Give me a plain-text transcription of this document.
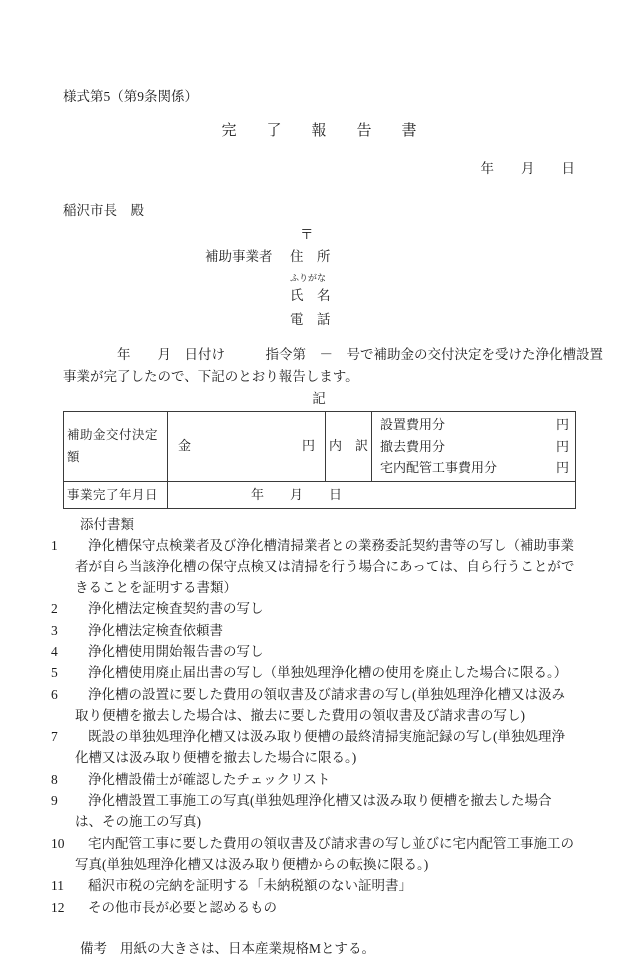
様式第5（第9条関係）
完　　了　　報　　告　　書
年　　月　　日
稲沢市長　殿
〒
補助事業者 住　所
ふりがな
氏　名
電　話
年　　月　日付け　　　指令第　－　号で補助金の交付決定を受けた浄化槽設置
事業が完了したので、下記のとおり報告します。
記
補助金交付決定額	
金	円	内　訳	
設置費用分	円
撤去費用分	円
宅内配管工事費用分	円

事業完了年月日	年　　月　　日		
添付書類
1 浄化槽保守点検業者及び浄化槽清掃業者との業務委託契約書等の写し（補助事業者が自ら当該浄化槽の保守点検又は清掃を行う場合にあっては、自ら行うことができることを証明する書類）
2 浄化槽法定検査契約書の写し
3 浄化槽法定検査依頼書
4 浄化槽使用開始報告書の写し
5 浄化槽使用廃止届出書の写し（単独処理浄化槽の使用を廃止した場合に限る。）
6 浄化槽の設置に要した費用の領収書及び請求書の写し(単独処理浄化槽又は汲み取り便槽を撤去した場合は、撤去に要した費用の領収書及び請求書の写し)
7 既設の単独処理浄化槽又は汲み取り便槽の最終清掃実施記録の写し(単独処理浄化槽又は汲み取り便槽を撤去した場合に限る。)
8 浄化槽設備士が確認したチェックリスト
9 浄化槽設置工事施工の写真(単独処理浄化槽又は汲み取り便槽を撤去した場合は、その施工の写真)
10 宅内配管工事に要した費用の領収書及び請求書の写し並びに宅内配管工事施工の写真(単独処理浄化槽又は汲み取り便槽からの転換に限る。)
11 稲沢市税の完納を証明する「未納税額のない証明書」
12 その他市長が必要と認めるもの
備考 用紙の大きさは、日本産業規格Mとする。
